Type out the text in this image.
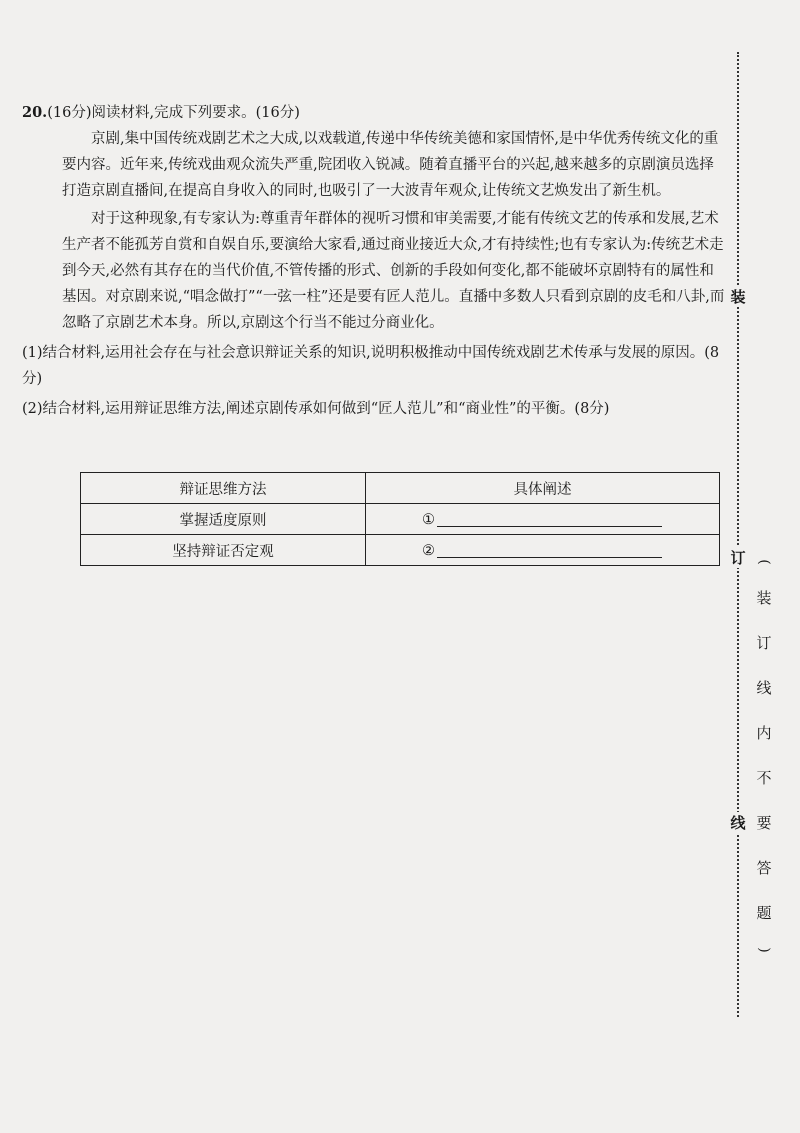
20.(16分)阅读材料,完成下列要求。(16分)

京剧,集中国传统戏剧艺术之大成,以戏载道,传递中华传统美德和家国情怀,是中华优秀传统文化的重要内容。近年来,传统戏曲观众流失严重,院团收入锐减。随着直播平台的兴起,越来越多的京剧演员选择打造京剧直播间,在提高自身收入的同时,也吸引了一大波青年观众,让传统文艺焕发出了新生机。

对于这种现象,有专家认为:尊重青年群体的视听习惯和审美需要,才能有传统文艺的传承和发展,艺术生产者不能孤芳自赏和自娱自乐,要演给大家看,通过商业接近大众,才有持续性;也有专家认为:传统艺术走到今天,必然有其存在的当代价值,不管传播的形式、创新的手段如何变化,都不能破坏京剧特有的属性和基因。对京剧来说,“唱念做打”“一弦一柱”还是要有匠人范儿。直播中多数人只看到京剧的皮毛和八卦,而忽略了京剧艺术本身。所以,京剧这个行当不能过分商业化。

(1)结合材料,运用社会存在与社会意识辩证关系的知识,说明积极推动中国传统戏剧艺术传承与发展的原因。(8分)

(2)结合材料,运用辩证思维方法,阐述京剧传承如何做到“匠人范儿”和“商业性”的平衡。(8分)

辩证思维方法	具体阐述
掌握适度原则	①
坚持辩证否定观	②
装
订
线
(
装
订
线
内
不
要
答
题
)
